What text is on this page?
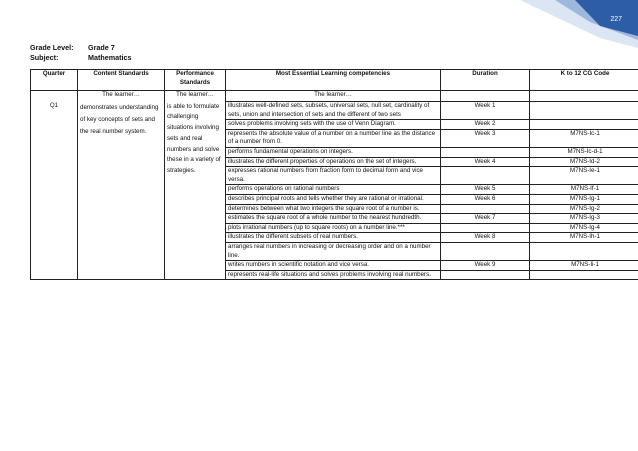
227
Grade Level:	Grade 7
Subject:	Mathematics
Quarter	Content Standards	Performance Standards	Most Essential Learning competencies	Duration	K to 12 CG Code
	The learner…	The learner…	The learner…		
Q1	demonstrates understanding of key concepts of sets and the real number system.	is able to formulate challenging situations involving sets and real numbers and solve these in a variety of strategies.	illustrates well-defined sets, subsets, universal sets, null set, cardinality of sets, union and intersection of sets and the different of two sets	Week 1	
			solves problems involving sets with the use of Venn Diagram.	Week 2	
			represents the absolute value of a number on a number line as the distance of a number from 0.	Week 3	M7NS-Ic-1
			performs fundamental operations on integers.		M7NS-Ic-d-1
			illustrates the different properties of operations on the set of integers.	Week 4	M7NS-Id-2
			expresses rational numbers from fraction form to decimal form and vice versa.		M7NS-Ie-1
			performs operations on rational numbers	Week 5	M7NS-If-1
			describes principal roots and tells whether they are rational or irrational.	Week 6	M7NS-Ig-1
			determines between what two integers the square root of a number is.		M7NS-Ig-2
			estimates the square root of a whole number to the nearest hundredth.	Week 7	M7NS-Ig-3
			plots irrational numbers (up to square roots) on a number line.***		M7NS-Ig-4
			illustrates the different subsets of real numbers.	Week 8	M7NS-Ih-1
			arranges real numbers in increasing or decreasing order and on a number line.		
			writes numbers in scientific notation and vice versa.	Week 9	M7NS-Ii-1
			represents real-life situations and solves problems involving real numbers.		
